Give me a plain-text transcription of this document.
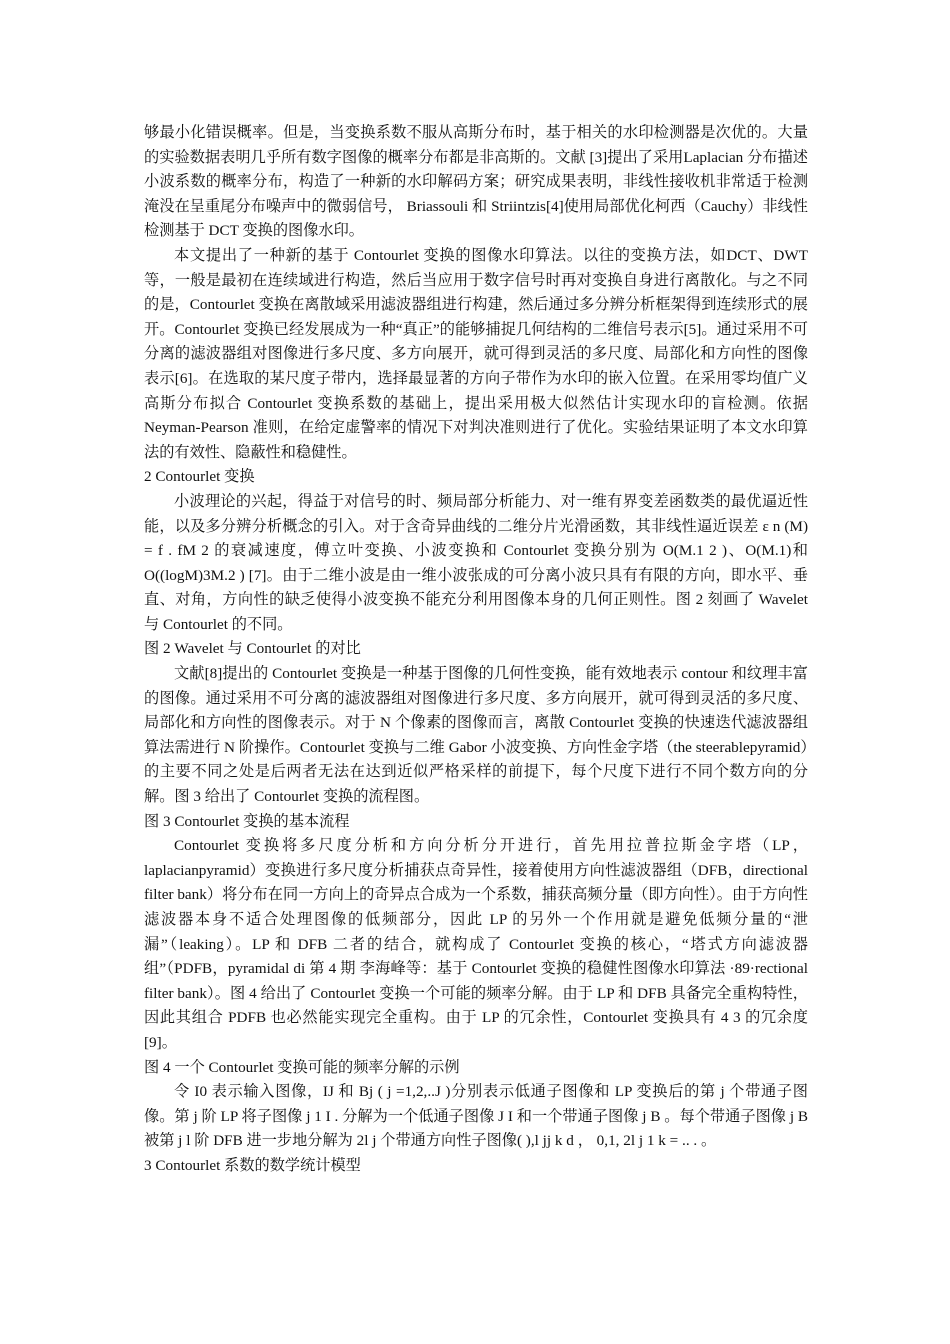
够最小化错误概率。但是，当变换系数不服从高斯分布时，基于相关的水印检测器是次优的。大量的实验数据表明几乎所有数字图像的概率分布都是非高斯的。文献 [3]提出了采用Laplacian 分布描述小波系数的概率分布，构造了一种新的水印解码方案；研究成果表明，非线性接收机非常适于检测淹没在呈重尾分布噪声中的微弱信号， Briassouli 和 Striintzis[4]使用局部优化柯西（Cauchy）非线性检测基于 DCT 变换的图像水印。

本文提出了一种新的基于 Contourlet 变换的图像水印算法。以往的变换方法，如DCT、DWT 等，一般是最初在连续域进行构造，然后当应用于数字信号时再对变换自身进行离散化。与之不同的是，Contourlet 变换在离散域采用滤波器组进行构建，然后通过多分辨分析框架得到连续形式的展开。Contourlet 变换已经发展成为一种“真正”的能够捕捉几何结构的二维信号表示[5]。通过采用不可分离的滤波器组对图像进行多尺度、多方向展开，就可得到灵活的多尺度、局部化和方向性的图像表示[6]。在选取的某尺度子带内，选择最显著的方向子带作为水印的嵌入位置。在采用零均值广义高斯分布拟合 Contourlet 变换系数的基础上，提出采用极大似然估计实现水印的盲检测。依据 Neyman-Pearson 准则，在给定虚警率的情况下对判决准则进行了优化。实验结果证明了本文水印算法的有效性、隐蔽性和稳健性。

2 Contourlet 变换

小波理论的兴起，得益于对信号的时、频局部分析能力、对一维有界变差函数类的最优逼近性能，以及多分辨分析概念的引入。对于含奇异曲线的二维分片光滑函数，其非线性逼近误差 ε n (M) = f . fM 2 的衰减速度，傅立叶变换、小波变换和 Contourlet 变换分别为 O(M.1 2 )、O(M.1)和 O((logM)3M.2 ) [7]。由于二维小波是由一维小波张成的可分离小波只具有有限的方向，即水平、垂直、对角，方向性的缺乏使得小波变换不能充分利用图像本身的几何正则性。图 2 刻画了 Wavelet 与 Contourlet 的不同。

图 2 Wavelet 与 Contourlet 的对比

文献[8]提出的 Contourlet 变换是一种基于图像的几何性变换，能有效地表示 contour 和纹理丰富的图像。通过采用不可分离的滤波器组对图像进行多尺度、多方向展开，就可得到灵活的多尺度、局部化和方向性的图像表示。对于 N 个像素的图像而言，离散 Contourlet 变换的快速迭代滤波器组算法需进行 N 阶操作。Contourlet 变换与二维 Gabor 小波变换、方向性金字塔（the steerablepyramid）的主要不同之处是后两者无法在达到近似严格采样的前提下，每个尺度下进行不同个数方向的分解。图 3 给出了 Contourlet 变换的流程图。

图 3 Contourlet 变换的基本流程

Contourlet 变换将多尺度分析和方向分析分开进行，首先用拉普拉斯金字塔（LP，laplacianpyramid）变换进行多尺度分析捕获点奇异性，接着使用方向性滤波器组（DFB，directional filter bank）将分布在同一方向上的奇异点合成为一个系数，捕获高频分量（即方向性）。由于方向性滤波器本身不适合处理图像的低频部分，因此 LP 的另外一个作用就是避免低频分量的“泄漏”（leaking）。LP 和 DFB 二者的结合，就构成了 Contourlet 变换的核心，“塔式方向滤波器组”（PDFB，pyramidal di 第 4 期 李海峰等：基于 Contourlet 变换的稳健性图像水印算法 ·89·rectional filter bank）。图 4 给出了 Contourlet 变换一个可能的频率分解。由于 LP 和 DFB 具备完全重构特性，因此其组合 PDFB 也必然能实现完全重构。由于 LP 的冗余性，Contourlet 变换具有 4 3 的冗余度[9]。

图 4 一个 Contourlet 变换可能的频率分解的示例

令 I0 表示输入图像，IJ 和 Bj ( j =1,2,..J )分别表示低通子图像和 LP 变换后的第 j 个带通子图像。第 j 阶 LP 将子图像 j 1 I . 分解为一个低通子图像 J I 和一个带通子图像 j B 。每个带通子图像 j B 被第 j l 阶 DFB 进一步地分解为 2l j 个带通方向性子图像( ),l jj k d ， 0,1, 2l j 1 k = .. . 。

3 Contourlet 系数的数学统计模型
